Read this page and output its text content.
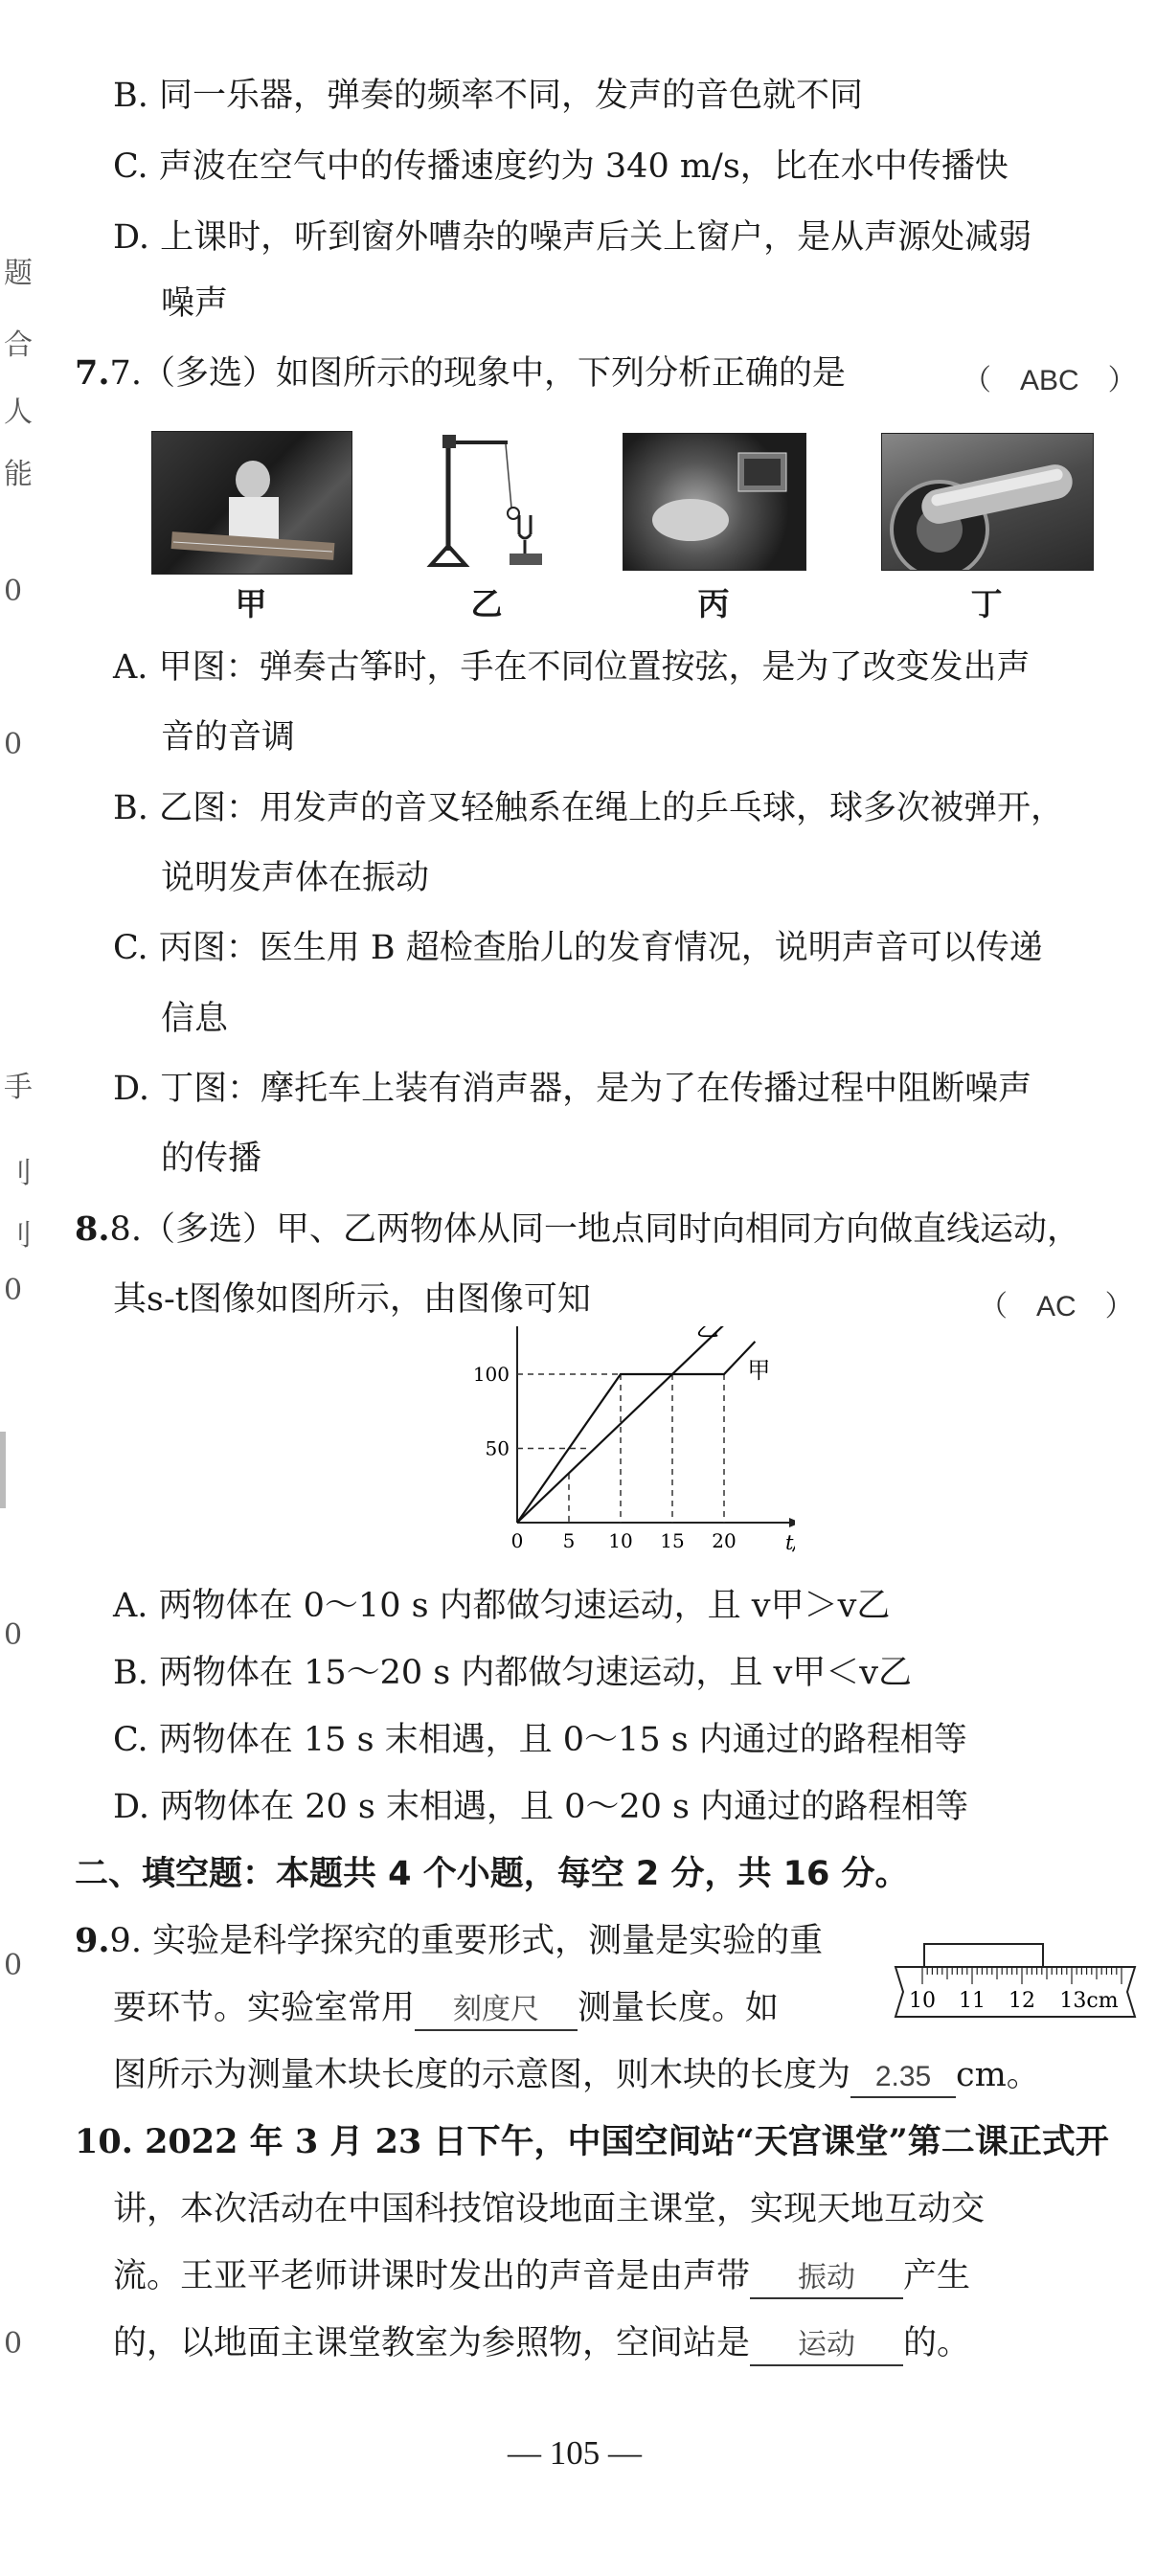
题
合
人
能
0
0
手
刂
刂
0
0
0
0
B. 同一乐器，弹奏的频率不同，发声的音色就不同
C. 声波在空气中的传播速度约为 340 m/s，比在水中传播快
D. 上课时，听到窗外嘈杂的噪声后关上窗户，是从声源处减弱
噪声
7.7.（多选）如图所示的现象中，下列分析正确的是	（　ABC　）
甲	乙	丙	丁
A. 甲图：弹奏古筝时，手在不同位置按弦，是为了改变发出声
音的音调
B. 乙图：用发声的音叉轻触系在绳上的乒乓球，球多次被弹开，
说明发声体在振动
C. 丙图：医生用 B 超检查胎儿的发育情况，说明声音可以传递
信息
D. 丁图：摩托车上装有消声器，是为了在传播过程中阻断噪声
的传播
8.8.（多选）甲、乙两物体从同一地点同时向相同方向做直线运动，
其s-t图像如图所示，由图像可知	（　AC　）
50
100
0 5 10 15 20
甲
乙
t
A. 两物体在 0～10 s 内都做匀速运动，且 v甲＞v乙
B. 两物体在 15～20 s 内都做匀速运动，且 v甲＜v乙
C. 两物体在 15 s 末相遇，且 0～15 s 内通过的路程相等
D. 两物体在 20 s 末相遇，且 0～20 s 内通过的路程相等
二、填空题：本题共 4 个小题，每空 2 分，共 16 分。
9.9. 实验是科学探究的重要形式，测量是实验的重
要环节。实验室常用 刻度尺 测量长度。如
图所示为测量木块长度的示意图，则木块的长度为 2.35 cm。
10 11 12 13cm
10. 2022 年 3 月 23 日下午，中国空间站“天宫课堂”第二课正式开
讲，本次活动在中国科技馆设地面主课堂，实现天地互动交
流。王亚平老师讲课时发出的声音是由声带 振动 产生
的，以地面主课堂教室为参照物，空间站是 运动 的。
— 105 —
